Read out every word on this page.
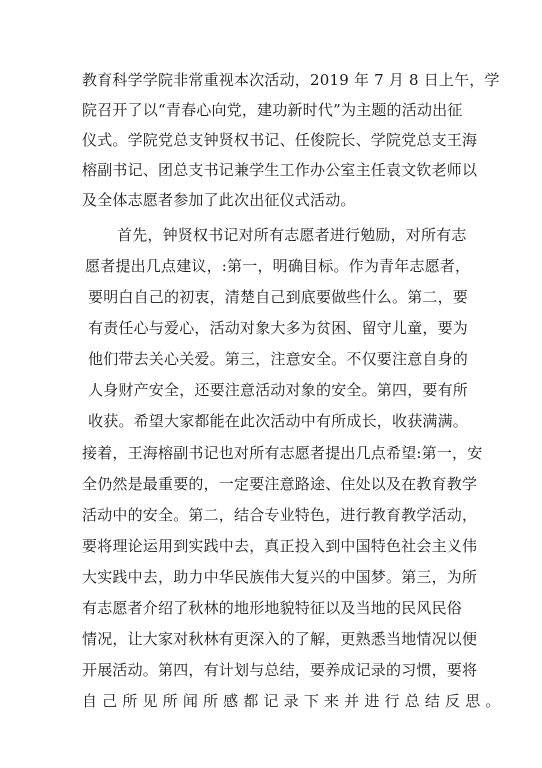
教育科学学院非常重视本次活动，2019 年 7 月 8 日上午，学
院召开了以“青春心向党，建功新时代”为主题的活动出征
仪式。学院党总支钟贤权书记、任俊院长、学院党总支王海
榕副书记、团总支书记兼学生工作办公室主任袁文钦老师以
及全体志愿者参加了此次出征仪式活动。
首先，钟贤权书记对所有志愿者进行勉励，对所有志
愿者提出几点建议，:第一，明确目标。作为青年志愿者，
要明白自己的初衷，清楚自己到底要做些什么。第二，要
有责任心与爱心，活动对象大多为贫困、留守儿童，要为
他们带去关心关爱。第三，注意安全。不仅要注意自身的
人身财产安全，还要注意活动对象的安全。第四，要有所
收获。希望大家都能在此次活动中有所成长，收获满满。
接着，王海榕副书记也对所有志愿者提出几点希望:第一，安
全仍然是最重要的，一定要注意路途、住处以及在教育教学
活动中的安全。第二，结合专业特色，进行教育教学活动，
要将理论运用到实践中去，真正投入到中国特色社会主义伟
大实践中去，助力中华民族伟大复兴的中国梦。第三，为所
有志愿者介绍了秋林的地形地貌特征以及当地的民风民俗
情况，让大家对秋林有更深入的了解，更熟悉当地情况以便
开展活动。第四，有计划与总结，要养成记录的习惯，要将
自 己 所 见 所 闻 所 感 都 记 录 下 来 并 进 行 总 结 反 思 。
